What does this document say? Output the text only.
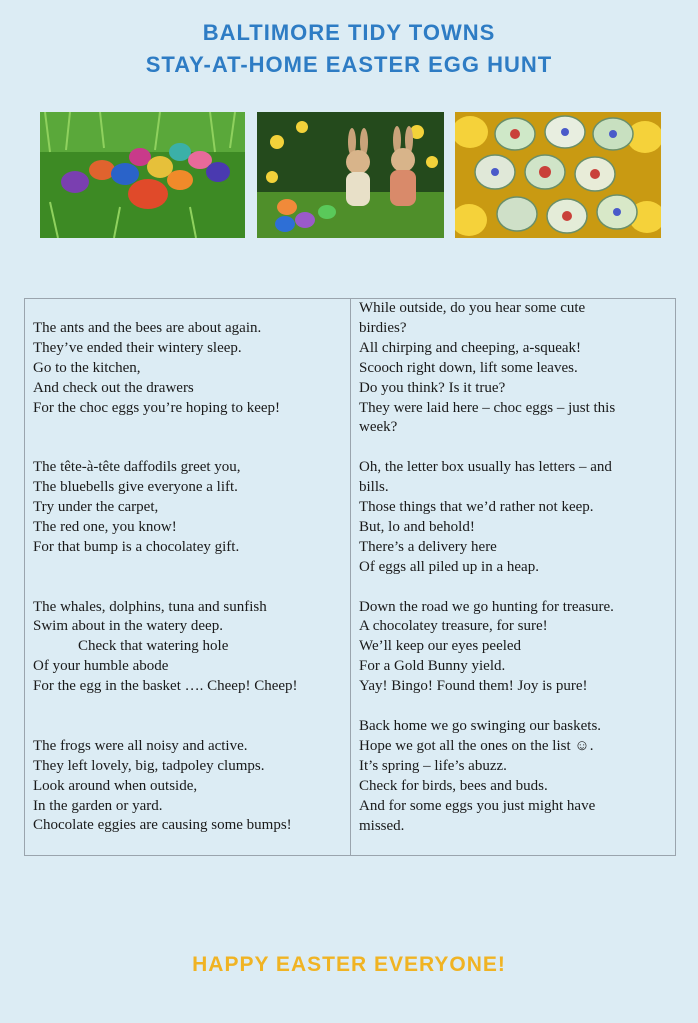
BALTIMORE TIDY TOWNS
STAY-AT-HOME EASTER EGG HUNT
The ants and the bees are about again.
They’ve ended their wintery sleep.
Go to the kitchen,
And check out the drawers
For the choc eggs you’re hoping to keep!
The tête-à-tête daffodils greet you,
The bluebells give everyone a lift.
Try under the carpet,
The red one, you know!
For that bump is a chocolatey gift.
The whales, dolphins, tuna and sunfish
Swim about in the watery deep.
Check that watering hole
Of your humble abode
For the egg in the basket …. Cheep! Cheep!
The frogs were all noisy and active.
They left lovely, big, tadpoley clumps.
Look around when outside,
In the garden or yard.
Chocolate eggies are causing some bumps!
While outside, do you hear some cute
birdies?
All chirping and cheeping, a-squeak!
Scooch right down, lift some leaves.
Do you think? Is it true?
They were laid here – choc eggs – just this
week?
Oh, the letter box usually has letters – and
bills.
Those things that we’d rather not keep.
But, lo and behold!
There’s a delivery here
Of eggs all piled up in a heap.
Down the road we go hunting for treasure.
A chocolatey treasure, for sure!
We’ll keep our eyes peeled
For a Gold Bunny yield.
Yay! Bingo! Found them! Joy is pure!
Back home we go swinging our baskets.
Hope we got all the ones on the list ☺.
It’s spring – life’s abuzz.
Check for birds, bees and buds.
And for some eggs you just might have
missed.
HAPPY EASTER EVERYONE!
